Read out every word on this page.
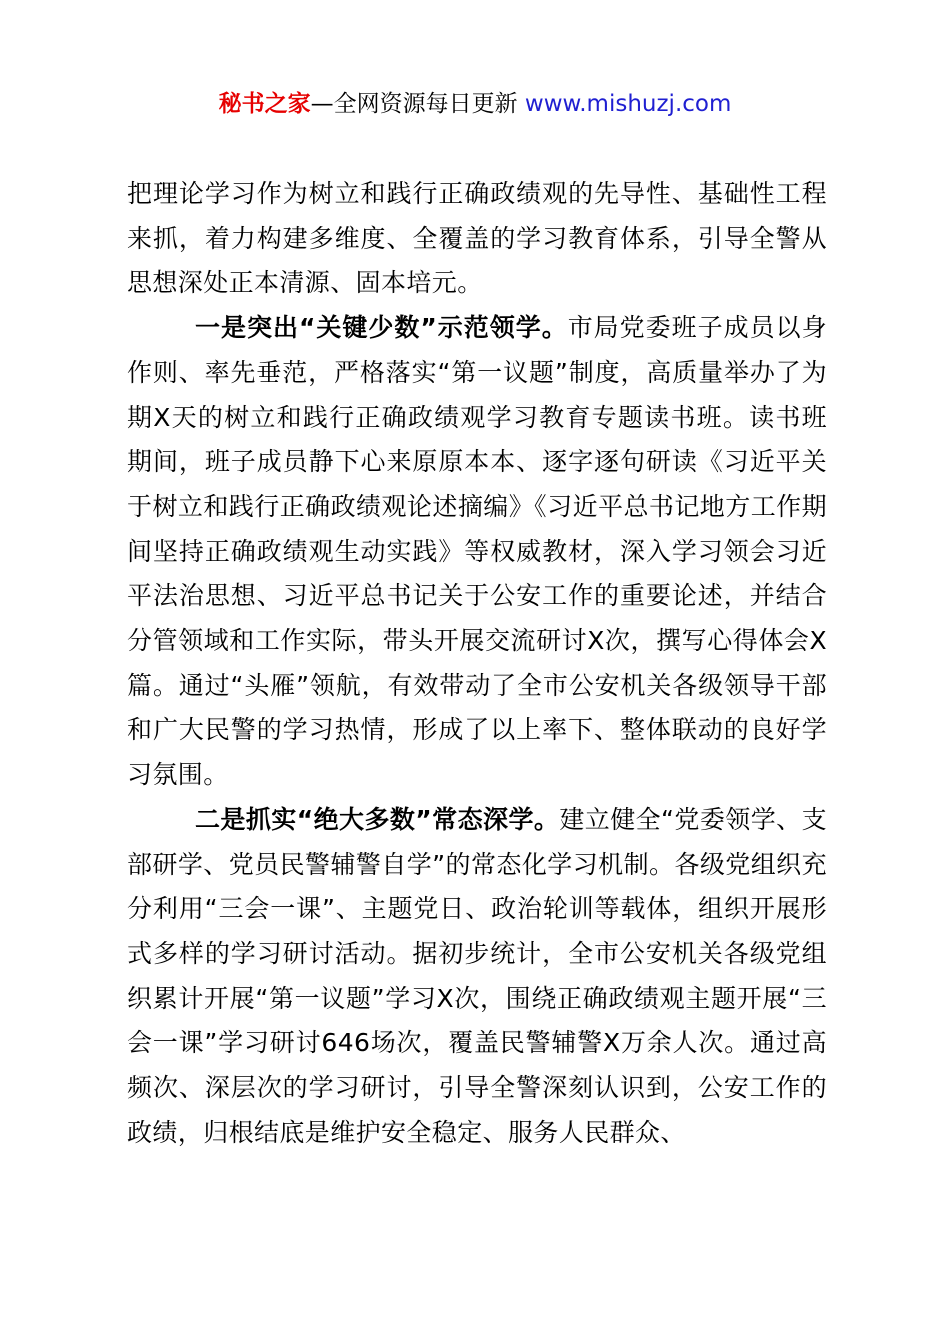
秘书之家—全网资源每日更新 www.mishuzj.com

把理论学习作为树立和践行正确政绩观的先导性、基础性工程来抓，着力构建多维度、全覆盖的学习教育体系，引导全警从思想深处正本清源、固本培元。

一是突出“关键少数”示范领学。市局党委班子成员以身作则、率先垂范，严格落实“第一议题”制度，高质量举办了为期X天的树立和践行正确政绩观学习教育专题读书班。读书班期间，班子成员静下心来原原本本、逐字逐句研读《习近平关于树立和践行正确政绩观论述摘编》《习近平总书记地方工作期间坚持正确政绩观生动实践》等权威教材，深入学习领会习近平法治思想、习近平总书记关于公安工作的重要论述，并结合分管领域和工作实际，带头开展交流研讨X次，撰写心得体会X篇。通过“头雁”领航，有效带动了全市公安机关各级领导干部和广大民警的学习热情，形成了以上率下、整体联动的良好学习氛围。

二是抓实“绝大多数”常态深学。建立健全“党委领学、支部研学、党员民警辅警自学”的常态化学习机制。各级党组织充分利用“三会一课”、主题党日、政治轮训等载体，组织开展形式多样的学习研讨活动。据初步统计，全市公安机关各级党组织累计开展“第一议题”学习X次，围绕正确政绩观主题开展“三会一课”学习研讨646场次，覆盖民警辅警X万余人次。通过高频次、深层次的学习研讨，引导全警深刻认识到，公安工作的政绩，归根结底是维护安全稳定、服务人民群众、
